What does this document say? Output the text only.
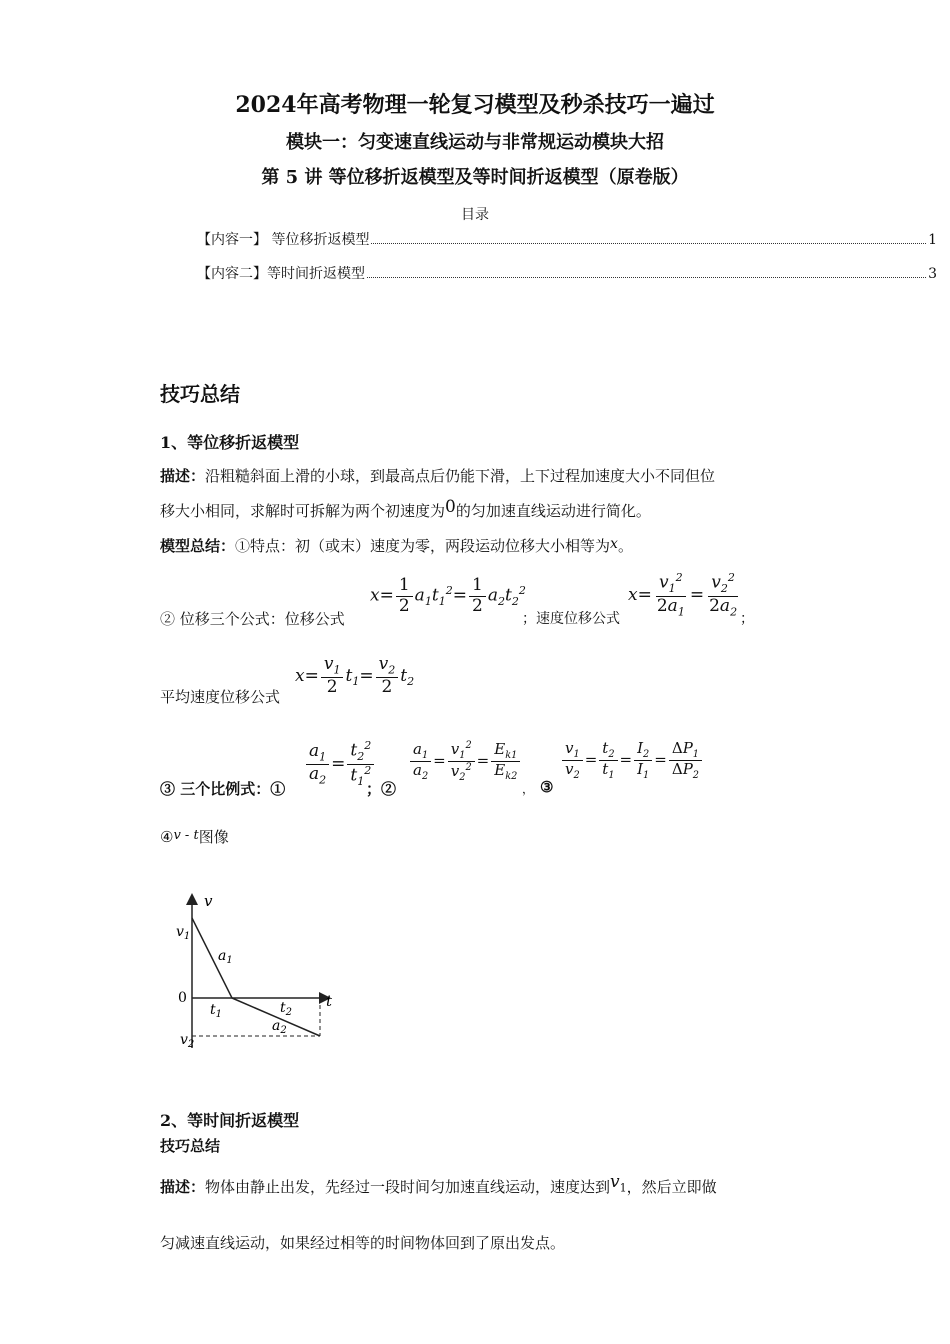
2024年高考物理一轮复习模型及秒杀技巧一遍过
模块一：匀变速直线运动与非常规运动模块大招
第 5 讲 等位移折返模型及等时间折返模型（原卷版）
目录
【内容一】 等位移折返模型	1
【内容二】等时间折返模型	3
技巧总结
1、等位移折返模型
描述：沿粗糙斜面上滑的小球，到最高点后仍能下滑，上下过程加速度大小不同但位
移大小相同，求解时可拆解为两个初速度为0的匀加速直线运动进行简化。
模型总结：①特点：初（或末）速度为零，两段运动位移大小相等为x。
② 位移三个公式：位移公式
$x= \frac{1}{2} a_1t_1^2= \frac{1}{2} a_2t_2^2$
；速度位移公式
$x= \frac{v_1^2}{2a_1} = \frac{v_2^2}{2a_2}$
；
平均速度位移公式
$x= \frac{v_1}{2} t_1= \frac{v_2}{2} t_2$
③ 三个比例式：①
$\frac{a_1}{a_2} = \frac{t_2^2}{t_1^2}$
；②
$\frac{a_1}{a_2} = \frac{v_1^2}{v_2^2} = \frac{E_{k1}}{E_{k2}}$
， ③
$\frac{v_1}{v_2} = \frac{t_2}{t_1} = \frac{I_2}{I_1} = \frac{\Delta P_1}{\Delta P_2}$
④v - t图像
v
t
0
$v_1$
$v_2$
$a_1$
$a_2$
$t_1$	$t_2$
2、等时间折返模型
技巧总结
描述：物体由静止出发，先经过一段时间匀加速直线运动，速度达到$v_1$，然后立即做
匀减速直线运动，如果经过相等的时间物体回到了原出发点。
